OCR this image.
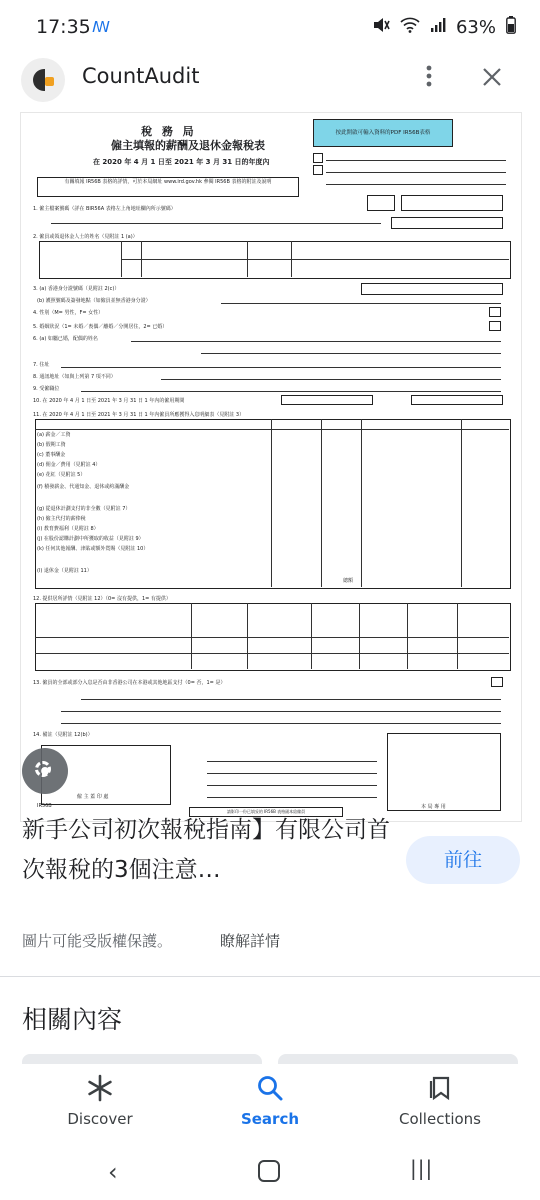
17:35 ꟿ	63%
CountAudit
稅 務 局
僱主填報的薪酬及退休金報稅表
在 2020 年 4 月 1 日至 2021 年 3 月 31 日的年度內
按此開啟可輸入資料的PDF IR56B表格
有關填報 IR56B 表格的詳情，可於本局網址 www.ird.gov.hk 參閱 IR56B 表格的附註及說明
1. 僱主檔案號碼（詳在 BIR56A 表格左上角地址欄內所示號碼）
2. 僱員或領退休金人士的姓名（見附註 1 (a)）
3. (a) 香港身分證號碼（見附註 2(c)）
(b) 護照號碼及簽發地點（如僱員並無香港身分證）
4. 性別（M= 男性，F= 女性）
5. 婚姻狀況（1= 未婚／喪偶／離婚／分開居住，2= 已婚）
6. (a) 如屬已婚，配偶的姓名
7. 住址
8. 通訊地址（如與上列第 7 項不同）
9. 受僱職位
10. 在 2020 年 4 月 1 日至 2021 年 3 月 31 日 1 年內的僱用期間
11. 在 2020 年 4 月 1 日至 2021 年 3 月 31 日 1 年內僱員所應獲得入息明細表（見附註 3）
(a) 薪金／工資
(b) 假期工資
(c) 董事酬金
(d) 佣金／費用（見附註 4）
(e) 花紅（見附註 5）
(f) 積發薪金、代通知金、退休或約滿酬金
(g) 從退休計劃支付的非全數（見附註 7）
(h) 僱主代付的薪俸稅
(i) 教育費福利（見附註 8）
(j) 在股份認購計劃中所獲取的收益（見附註 9）
(k) 任何其他報酬、津貼或額外賞賜（見附註 10）
(l) 退休金（見附註 11）
總額
12. 提供居所詳情（見附註 12）（0= 沒有提供，1= 有提供）
13. 僱員的全部或部分入息是否由非香港公司在本港或其他地區支付（0= 否，1= 是）
14. 備註（見附註 12(b)）
僱 主 蓋 印 處
本 局 專 用
IR56B
請影印一份已填妥的 IR56B 表格副本給僱員
新手公司初次報稅指南】有限公司首次報稅的3個注意…	前往
圖片可能受版權保護。	瞭解詳情
相關內容
Discover	Search	Collections
‹	|||
